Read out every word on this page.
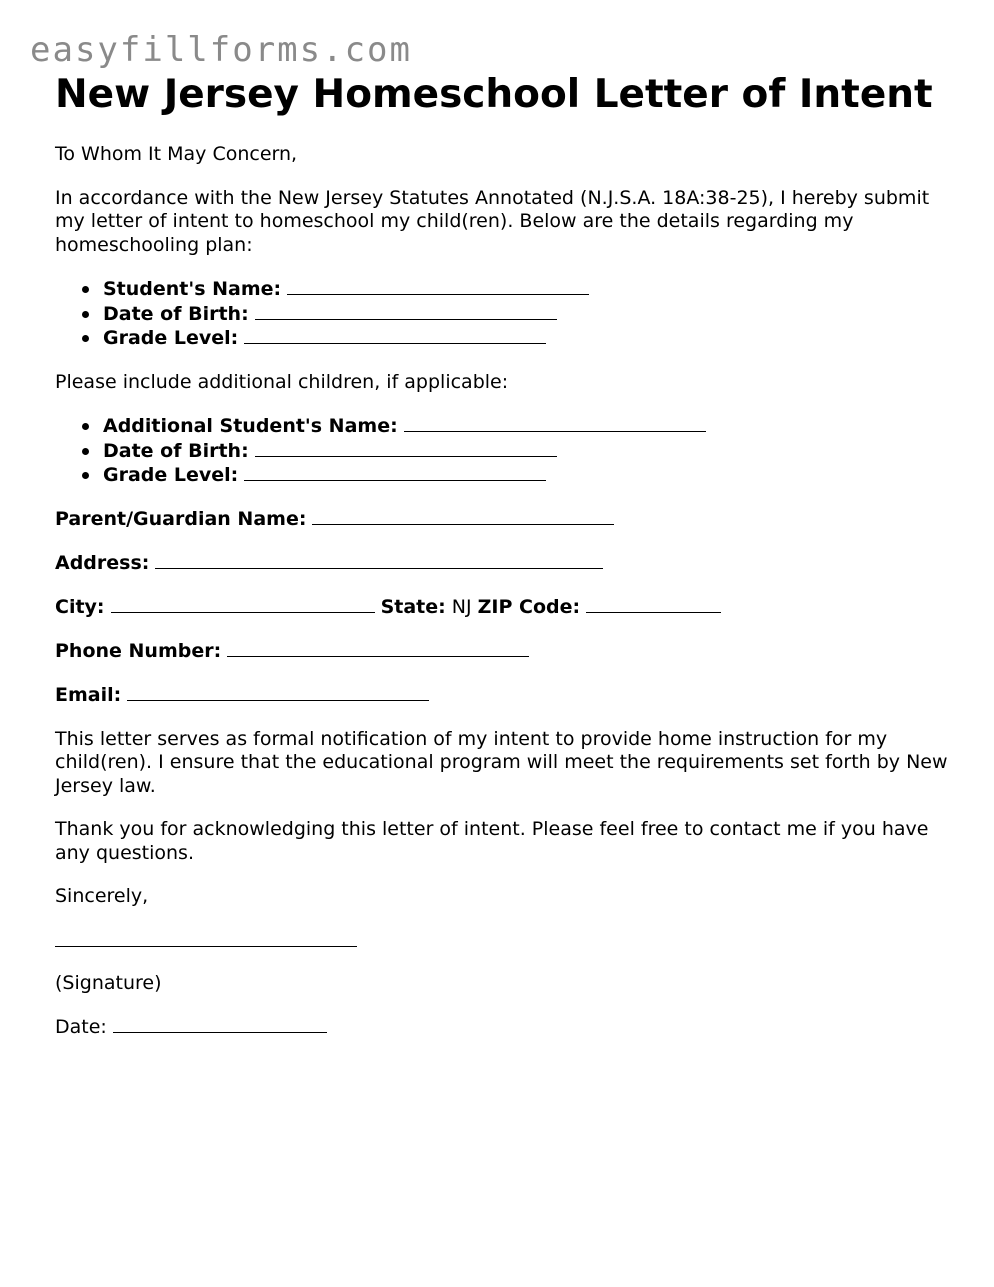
easyfillforms.com
New Jersey Homeschool Letter of Intent

To Whom It May Concern,

In accordance with the New Jersey Statutes Annotated (N.J.S.A. 18A:38-25), I hereby submit my letter of intent to homeschool my child(ren). Below are the details regarding my homeschooling plan:

Student's Name:
Date of Birth:
Grade Level:

Please include additional children, if applicable:

Additional Student's Name:
Date of Birth:
Grade Level:
Parent/Guardian Name:
Address:
City:	State: NJ ZIP Code:
Phone Number:
Email:

This letter serves as formal notification of my intent to provide home instruction for my child(ren). I ensure that the educational program will meet the requirements set forth by New Jersey law.

Thank you for acknowledging this letter of intent. Please feel free to contact me if you have any questions.

Sincerely,

(Signature)

Date:
